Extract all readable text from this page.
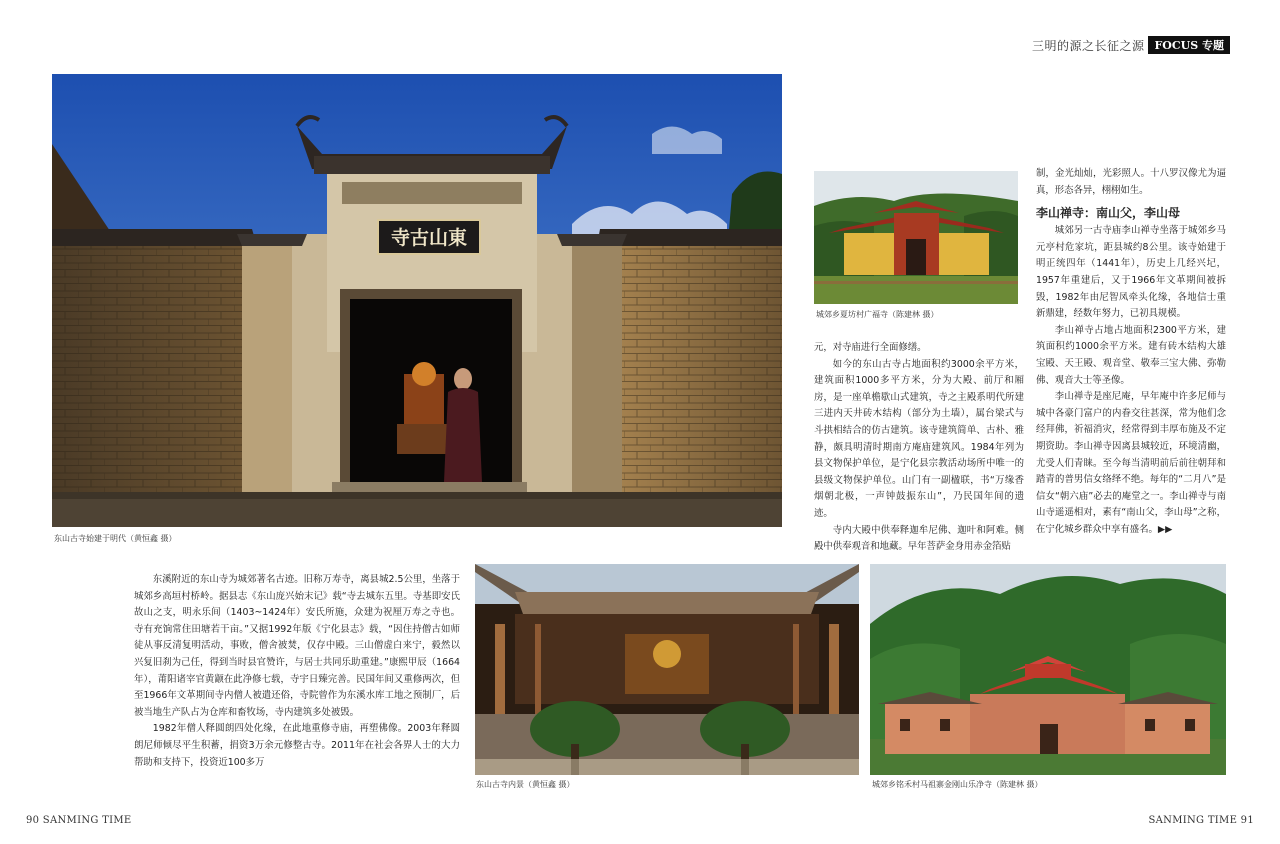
三明的源之长征之源 FOCUS 专题
寺古山東
东山古寺始建于明代（黄恒鑫 摄）
城郊乡夏坊村广福寺（陈建林 摄）
东山古寺内景（黄恒鑫 摄）	城郊乡铭禾村马祖寨金刚山乐净寺（陈建林 摄）

东溪附近的东山寺为城郊著名古迹。旧称万寿寺，离县城2.5公里，坐落于城郊乡高垣村桥岭。据县志《东山庞兴始末记》载“寺去城东五里。寺基即安氏故山之支，明永乐间（1403~1424年）安氏所施，众建为祝厘万寿之寺也。寺有充饷常住田塘若干亩。”又据1992年版《宁化县志》载，“因住持僧古如师徒从事反清复明活动，事败，僧舍被焚，仅存中殿。三山僧虚白来宁，毅然以兴复旧刹为己任，得到当时县官赞许，与居士共同乐助重建。”康熙甲辰（1664年），莆阳诸宰官黄颛在此净修七载，寺宇日臻完善。民国年间又重修两次，但至1966年文革期间寺内僧人被遣还俗，寺院曾作为东溪水库工地之预制厂，后被当地生产队占为仓库和畜牧场，寺内建筑多处被毁。

1982年僧人释圆朗四处化缘，在此地重修寺庙，再塑佛像。2003年释圆朗尼师倾尽平生积蓄，捐资3万余元修整古寺。2011年在社会各界人士的大力帮助和支持下，投资近100多万

元，对寺庙进行全面修缮。

如今的东山古寺占地面积约3000余平方米，建筑面积1000多平方米，分为大殿、前厅和厢房，是一座单檐歇山式建筑，寺之主殿系明代所建三进内天井砖木结构（部分为土墙），属台梁式与斗拱相结合的仿古建筑。该寺建筑简单、古朴、雅静，颇具明清时期南方庵庙建筑风。1984年列为县文物保护单位，是宁化县宗教活动场所中唯一的县级文物保护单位。山门有一副楹联，书“万缘香烟朝北极，一声钟鼓振东山”，乃民国年间的遗迹。

寺内大殿中供奉释迦牟尼佛、迦叶和阿难。侧殿中供奉观音和地藏。早年菩萨金身用赤金箔贴

制，金光灿灿，光彩照人。十八罗汉像尤为逼真，形态各异，栩栩如生。

李山禅寺：南山父，李山母

城郊另一古寺庙李山禅寺坐落于城郊乡马元亭村危家坑，距县城约8公里。该寺始建于明正统四年（1441年），历史上几经兴圮，1957年重建后，又于1966年文革期间被拆毁，1982年由尼智凤牵头化缘，各地信士重新鼎建，经数年努力，已初具规模。

李山禅寺占地占地面积2300平方米，建筑面积约1000余平方米。建有砖木结构大雄宝殿、天王殿、观音堂、敬奉三宝大佛、弥勒佛、观音大士等圣像。

李山禅寺是座尼庵，早年庵中许多尼师与城中各豪门富户的内眷交往甚深，常为他们念经拜佛，祈福消灾，经常得到丰厚布施及不定期资助。李山禅寺因离县城较近，环境清幽，尤受人们青睐。至今每当清明前后前往朝拜和踏青的普男信女络绎不绝。每年的“二月八”是信女“朝六庙”必去的庵堂之一。李山禅寺与南山寺遥遥相对，素有“南山父，李山母”之称，在宁化城乡群众中享有盛名。▶▶

90 SANMING TIME	SANMING TIME 91
